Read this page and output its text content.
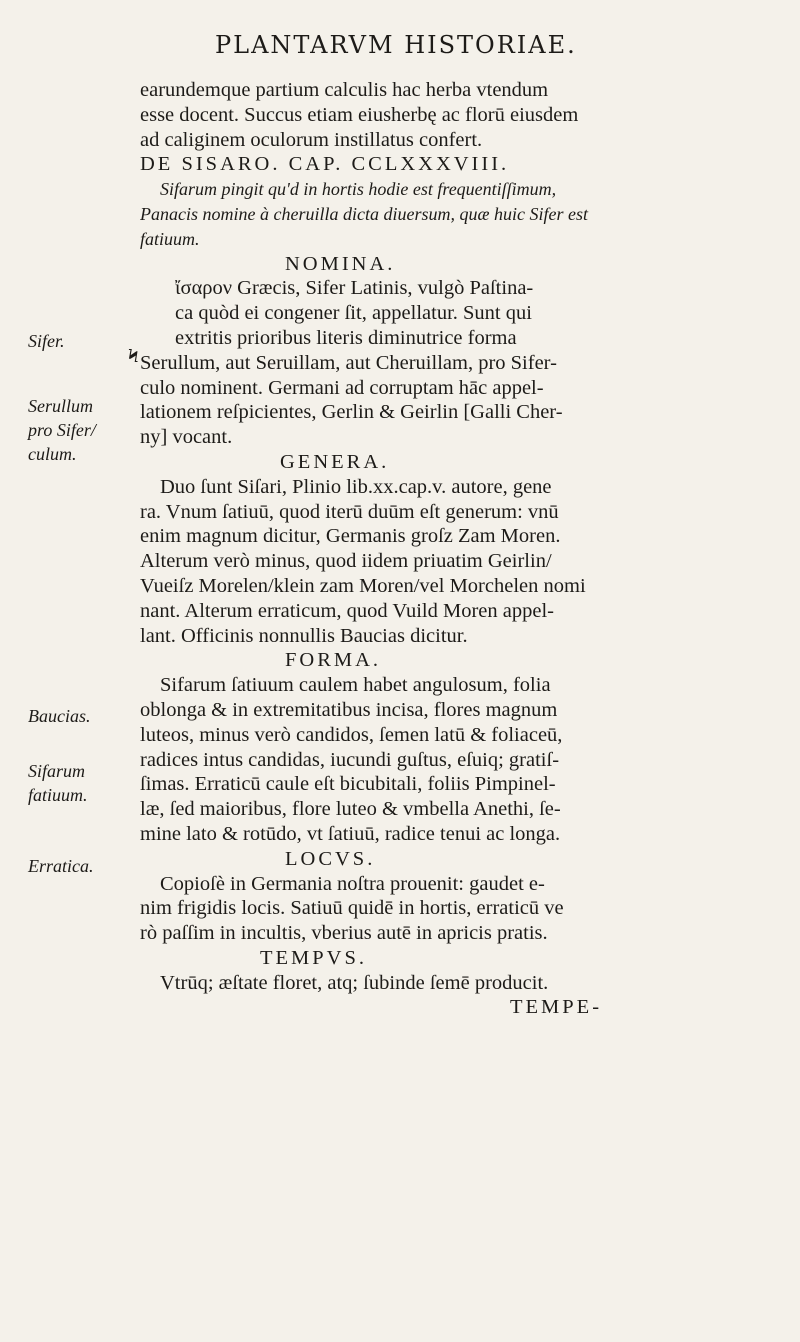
PLANTARVM HISTORIAE.
Sifer.
Serullum
pro Sifer/
culum.
Baucias.
Sifarum
fatiuum.
Erratica.
Ϟ
earundemque partium calculis hac herba vtendum
esse docent. Succus etiam eiusherbę ac florū eiusdem
ad caliginem oculorum instillatus confert.
DE SISARO. CAP. CCLXXXVIII.
Sifarum pingit qu'd in hortis hodie est frequentiſſimum,
Panacis nomine à cheruilla dicta diuersum, quæ huic Sifer est
fatiuum.
NOMINA.
ἴσαρον Græcis, Sifer Latinis, vulgò Paſtina-
ca quòd ei congener ſit, appellatur. Sunt qui
extritis prioribus literis diminutrice forma
Serullum, aut Seruillam, aut Cheruillam, pro Sifer-
culo nominent. Germani ad corruptam hāc appel-
lationem reſpicientes, Gerlin & Geirlin [Galli Cher-
ny] vocant.
GENERA.
Duo ſunt Siſari, Plinio lib.xx.cap.v. autore, gene
ra. Vnum ſatiuū, quod iterū duūm eſt generum: vnū
enim magnum dicitur, Germanis groſz Zam Moren.
Alterum verò minus, quod iidem priuatim Geirlin/
Vueiſz Morelen/klein zam Moren/vel Morchelen nomi
nant. Alterum erraticum, quod Vuild Moren appel-
lant. Officinis nonnullis Baucias dicitur.
FORMA.
Sifarum ſatiuum caulem habet angulosum, folia
oblonga & in extremitatibus incisa, flores magnum
luteos, minus verò candidos, ſemen latū & foliaceū,
radices intus candidas, iucundi guſtus, eſuiq; gratiſ-
ſimas. Erraticū caule eſt bicubitali, foliis Pimpinel-
læ, ſed maioribus, flore luteo & vmbella Anethi, ſe-
mine lato & rotūdo, vt ſatiuū, radice tenui ac longa.
LOCVS.
Copioſè in Germania noſtra prouenit: gaudet e-
nim frigidis locis. Satiuū quidē in hortis, erraticū ve
rò paſſim in incultis, vberius autē in apricis pratis.
TEMPVS.
Vtrūq; æſtate floret, atq; ſubinde ſemē producit.
TEMPE-
